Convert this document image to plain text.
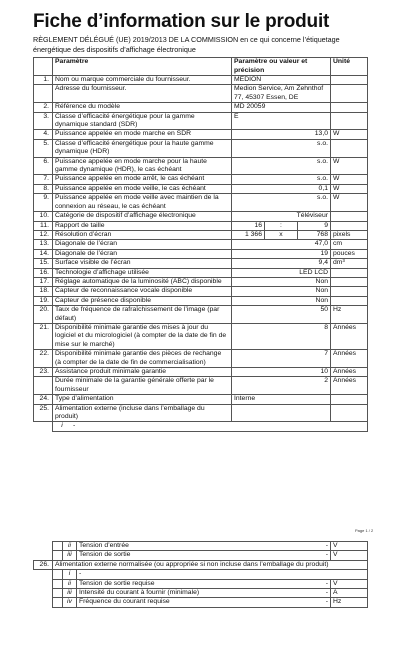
Fiche d’information sur le produit
RÈGLEMENT DÉLÉGUÉ (UE) 2019/2013 DE LA COMMISSION en ce qui concerne l’étiquetage énergétique des dispositifs d’affichage électronique
	Paramètre	Paramètre ou valeur et précision			Unité
1.	Nom ou marque commerciale du fournisseur.	MEDION			
	Adresse du fournisseur.	Medion Service, Am Zehnthof 77, 45307 Essen, DE			
2.	Référence du modèle	MD 20059			
3.	Classe d’efficacité énergétique pour la gamme dynamique standard (SDR)	E			
4.	Puissance appelée en mode marche en SDR	13,0			W
5.	Classe d’efficacité énergétique pour la haute gamme dynamique (HDR)	s.o.			
6.	Puissance appelée en mode marche pour la haute gamme dynamique (HDR), le cas échéant	s.o.			W
7.	Puissance appelée en mode arrêt, le cas échéant	s.o.			W
8.	Puissance appelée en mode veille, le cas échéant	0,1			W
9.	Puissance appelée en mode veille avec maintien de la connexion au réseau, le cas échéant	s.o.			W
10.	Catégorie de dispositif d’affichage électronique	Téléviseur			
11.	Rapport de taille	16	:	9	
12.	Résolution d’écran	1 366	x	768	pixels
13.	Diagonale de l’écran	47,0			cm
14.	Diagonale de l’écran	19			pouces
15.	Surface visible de l’écran	9,4			dm³
16.	Technologie d’affichage utilisée	LED LCD			
17.	Réglage automatique de la luminosité (ABC) disponible	Non			
18.	Capteur de reconnaissance vocale disponible	Non			
19.	Capteur de présence disponible	Non			
20.	Taux de fréquence de rafraîchissement de l’image (par défaut)	50			Hz
21.	Disponibilité minimale garantie des mises à jour du logiciel et du micrologiciel (à compter de la date de fin de mise sur le marché)	8			Années
22.	Disponibilité minimale garantie des pièces de rechange (à compter de la date de fin de commercialisation)	7			Années
23.	Assistance produit minimale garantie	10			Années
	Durée minimale de la garantie générale offerte par le fournisseur	2			Années
24.	Type d’alimentation	Interne			
25.	Alimentation externe (incluse dans l’emballage du produit)				
	i -				
Page 1 / 2
		ii	Tension d’entrée -	V
		iii	Tension de sortie -	V
26.	Alimentation externe normalisée (ou appropriée si non incluse dans l’emballage du produit)			
		i	-	
		ii	Tension de sortie requise -	V
		iii	Intensité du courant à fournir (minimale) -	A
		iv	Fréquence du courant requise -	Hz
